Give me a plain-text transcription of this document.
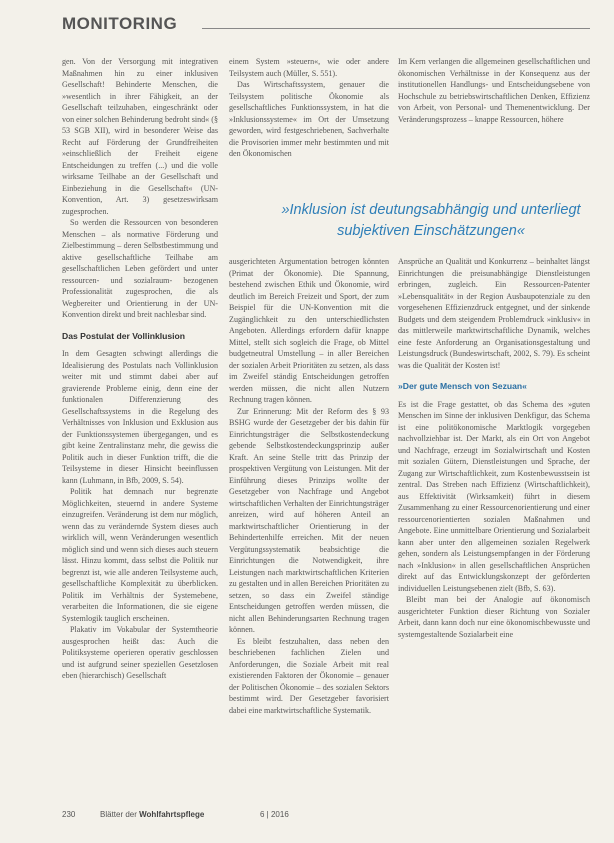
MONITORING

gen. Von der Versorgung mit integrativen Maßnahmen hin zu einer inklusiven Gesellschaft! Behinderte Menschen, die »wesentlich in ihrer Fähigkeit, an der Gesellschaft teilzuhaben, eingeschränkt oder von einer solchen Behinderung bedroht sind« (§ 53 SGB XII), wird in besonderer Weise das Recht auf Förderung der Grundfreiheiten »einschließlich der Freiheit eigene Entscheidungen zu treffen (...) und die volle wirksame Teilhabe an der Gesellschaft und Einbeziehung in die Gesellschaft« (UN-Konvention, Art. 3) gesetzeswirksam zugesprochen.

So werden die Ressourcen von besonderen Menschen – als normative Förderung und Zielbestimmung – deren Selbstbestimmung und aktive gesellschaftliche Teilhabe am gesellschaftlichen Leben gefördert und unter ressourcen- und sozialraum- bezogenen Professionalität zugesprochen, die als Wegbereiter und Orientierung in der UN-Konvention direkt und breit nachlesbar sind.

Das Postulat der Vollinklusion

In dem Gesagten schwingt allerdings die Idealisierung des Postulats nach Vollinklusion weiter mit und stimmt dabei aber auf gravierende Probleme einig, denn eine der funktionalen Differenzierung des Gesellschaftssystems in die Regelung des Verhältnisses von Inklusion und Exklusion aus der Funktionssystemen übergegangen, und es gibt keine Zentralinstanz mehr, die gewiss die Politik auch in dieser Funktion trifft, die die Teilsysteme in dieser Hinsicht beeinflussen kann (Luhmann, in Bfb, 2009, S. 54).

Politik hat demnach nur begrenzte Möglichkeiten, steuernd in andere Systeme einzugreifen. Veränderung ist dem nur möglich, wenn das zu verändernde System dieses auch wirklich will, wenn Veränderungen wesentlich möglich sind und wenn sich dieses auch steuern lässt. Hinzu kommt, dass selbst die Politik nur begrenzt ist, wie alle anderen Teilsysteme auch, gesellschaftliche Komplexität zu überblicken. Politik im Verhältnis der Systemebene, verarbeiten die Informationen, die sie eigene Systemlogik tauglich erscheinen.

Plakativ im Vokabular der Systemtheorie ausgesprochen heißt das: Auch die Politiksysteme operieren operativ geschlossen und ist aufgrund seiner speziellen Gesetzlosen eben (hierarchisch) Gesellschaft

einem System »steuern«, wie oder andere Teilsystem auch (Müller, S. 551).

Das Wirtschaftssystem, genauer die Teilsystem politische Ökonomie als gesellschaftliches Funktionssystem, in hat die »Inklusionssysteme« im Ort der Umsetzung geworden, wird festgeschriebenen, Sachverhalte die Provisorien immer mehr bestimmten und mit den Ökonomischen

Im Kern verlangen die allgemeinen gesellschaftlichen und ökonomischen Verhältnisse in der Konsequenz aus der institutionellen Handlungs- und Entscheidungsebene von Hochschule zu betriebswirtschaftlichen Denken, Effizienz von Arbeit, von Personal- und Themenentwicklung. Der Veränderungsprozess – knappe Ressourcen, höhere

»Inklusion ist deutungsabhängig und unterliegt subjektiven Einschätzungen«

ausgerichteten Argumentation betrogen könnten (Primat der Ökonomie). Die Spannung, bestehend zwischen Ethik und Ökonomie, wird deutlich im Bereich Freizeit und Sport, der zum Beispiel für die UN-Konvention mit die Zugänglichkeit zu den unterschiedlichsten Angeboten. Allerdings erfordern dafür knappe Mittel, stellt sich sogleich die Frage, ob Mittel budgetneutral Umstellung – in aller Bereichen der sozialen Arbeit Prioritäten zu setzen, als dass im Zweifel ständig Entscheidungen getroffen werden müssen, die nicht allen Nutzern Rechnung tragen können.

Zur Erinnerung: Mit der Reform des § 93 BSHG wurde der Gesetzgeber der bis dahin für Einrichtungsträger die Selbstkostendeckung gebende Selbstkostendeckungsprinzip außer Kraft. An seine Stelle tritt das Prinzip der prospektiven Vergütung von Leistungen. Mit der Einführung dieses Prinzips wollte der Gesetzgeber von Nachfrage und Angebot wirtschaftlichen Verhalten der Einrichtungsträger anreizen, wird auf höheren Anteil an marktwirtschaftlicher Orientierung in der Behindertenhilfe erreichen. Mit der neuen Vergütungssystematik beabsichtige die Einrichtungen die Notwendigkeit, ihre Leistungen nach marktwirtschaftlichen Kriterien zu gestalten und in allen Bereichen Prioritäten zu setzen, so dass ein Zweifel ständige Entscheidungen getroffen werden müssen, die nicht allen Behinderungsarten Rechnung tragen können.

Es bleibt festzuhalten, dass neben den beschriebenen fachlichen Zielen und Anforderungen, die Soziale Arbeit mit real existierenden Faktoren der Ökonomie – genauer der Politischen Ökonomie – des sozialen Sektors bestimmt wird. Der Gesetzgeber favorisiert dabei eine marktwirtschaftliche Systematik.

Ansprüche an Qualität und Konkurrenz – beinhaltet längst Einrichtungen die preisunabhängige Dienstleistungen erbringen, zugleich. Ein Ressourcen-Patenter »Lebensqualität« in der Region Ausbaupotenziale zu den vorgesehenen Effizienzdruck entgegnet, und der sinkende Budgets und dem steigendem Problemdruck »inklusiv« in das mittlerweile marktwirtschaftliche Dynamik, welches eine feste Anforderung an Organisationsgestaltung und Leistungsdruck (Bundeswirtschaft, 2002, S. 79). Es scheint was die Qualität der Kosten ist!

»Der gute Mensch von Sezuan«

Es ist die Frage gestattet, ob das Schema des »guten Menschen im Sinne der inklusiven Denkfigur, das Schema ist eine politökonomische Marktlogik vorgegeben nachvollziehbar ist. Der Markt, als ein Ort von Angebot und Nachfrage, erzeugt im Sozialwirtschaft und Kosten mit sozialen Gütern, Dienstleistungen und Sprache, der Zugang zur Wirtschaftlichkeit, zum Kostenbewusstsein ist zentral. Das Streben nach Effizienz (Wirtschaftlichkeit), aus Effektivität (Wirksamkeit) führt in diesem Zusammenhang zu einer Ressourcenorientierung und einer ressourcenorientierten sozialen Maßnahmen und Angebote. Eine unmittelbare Orientierung und Sozialarbeit kann aber unter den allgemeinen sozialen Regelwerk gehen, sondern als Leistungsempfangen in der Förderung nach »Inklusion« in allen gesellschaftlichen Ansprüchen direkt auf das Entwicklungskonzept der geförderten individuellen Leistungsebenen zielt (Bfb, S. 63).

Bleibt man bei der Analogie auf ökonomisch ausgerichteter Funktion dieser Richtung von Sozialer Arbeit, dann kann doch nur eine ökonomischbewusste und systemgestaltende Sozialarbeit eine

230	Blätter der Wohlfahrtspflege	6 | 2016
